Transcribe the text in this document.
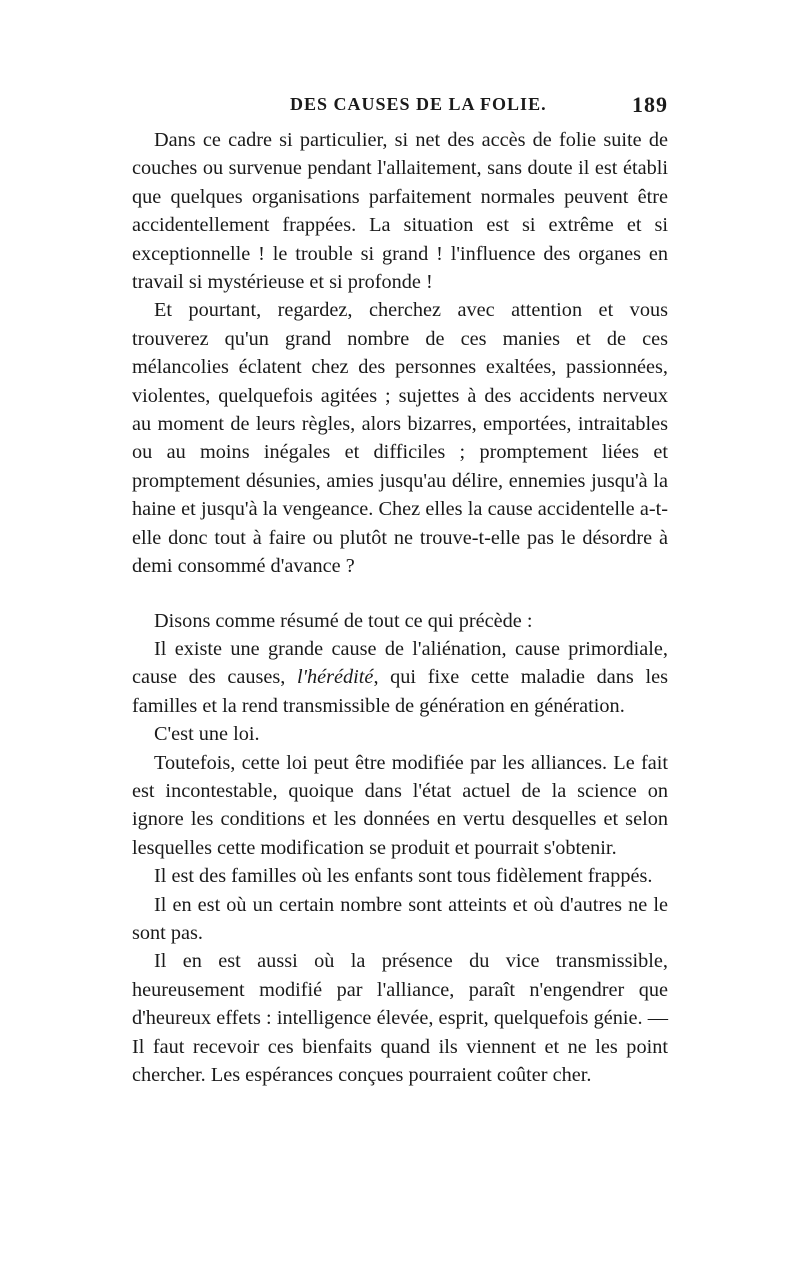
DES CAUSES DE LA FOLIE.	189

Dans ce cadre si particulier, si net des accès de folie suite de couches ou survenue pendant l'allaitement, sans doute il est établi que quelques organisations parfaitement normales peuvent être accidentellement frappées. La situation est si extrême et si exceptionnelle ! le trouble si grand ! l'influence des organes en travail si mystérieuse et si profonde !

Et pourtant, regardez, cherchez avec attention et vous trouverez qu'un grand nombre de ces manies et de ces mélancolies éclatent chez des personnes exaltées, passionnées, violentes, quelquefois agitées ; sujettes à des accidents nerveux au moment de leurs règles, alors bizarres, emportées, intraitables ou au moins inégales et difficiles ; promptement liées et promptement désunies, amies jusqu'au délire, ennemies jusqu'à la haine et jusqu'à la vengeance. Chez elles la cause accidentelle a-t-elle donc tout à faire ou plutôt ne trouve-t-elle pas le désordre à demi consommé d'avance ?

Disons comme résumé de tout ce qui précède :

Il existe une grande cause de l'aliénation, cause primordiale, cause des causes, l'hérédité, qui fixe cette maladie dans les familles et la rend transmissible de génération en génération.

C'est une loi.

Toutefois, cette loi peut être modifiée par les alliances. Le fait est incontestable, quoique dans l'état actuel de la science on ignore les conditions et les données en vertu desquelles et selon lesquelles cette modification se produit et pourrait s'obtenir.

Il est des familles où les enfants sont tous fidèlement frappés.

Il en est où un certain nombre sont atteints et où d'autres ne le sont pas.

Il en est aussi où la présence du vice transmissible, heureusement modifié par l'alliance, paraît n'engendrer que d'heureux effets : intelligence élevée, esprit, quelquefois génie. — Il faut recevoir ces bienfaits quand ils viennent et ne les point chercher. Les espérances conçues pourraient coûter cher.
